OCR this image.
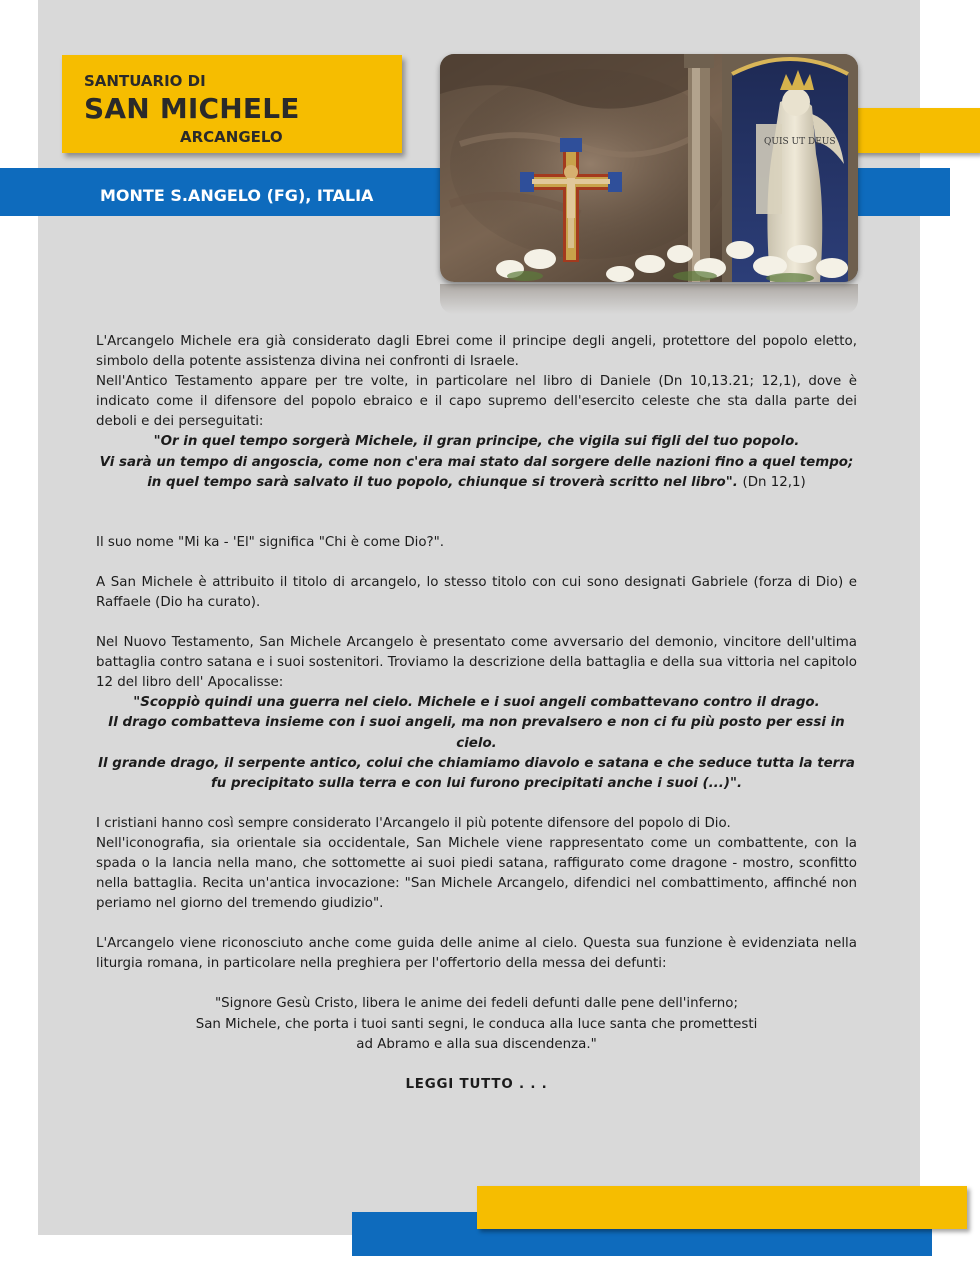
SANTUARIO DI
SAN MICHELE
ARCANGELO
MONTE S.ANGELO (FG), ITALIA
QUIS UT DEUS

L'Arcangelo Michele era già considerato dagli Ebrei come il principe degli angeli, protettore del popolo eletto, simbolo della potente assistenza divina nei confronti di Israele.

Nell'Antico Testamento appare per tre volte, in particolare nel libro di Daniele (Dn 10,13.21; 12,1), dove è indicato come il difensore del popolo ebraico e il capo supremo dell'esercito celeste che sta dalla parte dei deboli e dei perseguitati:

"Or in quel tempo sorgerà Michele, il gran principe, che vigila sui figli del tuo popolo.
Vi sarà un tempo di angoscia, come non c'era mai stato dal sorgere delle nazioni fino a quel tempo;
in quel tempo sarà salvato il tuo popolo, chiunque si troverà scritto nel libro". (Dn 12,1)

Il suo nome "Mi ka - 'El" significa "Chi è come Dio?".

A San Michele è attribuito il titolo di arcangelo, lo stesso titolo con cui sono designati Gabriele (forza di Dio) e Raffaele (Dio ha curato).

Nel Nuovo Testamento, San Michele Arcangelo è presentato come avversario del demonio, vincitore dell'ultima battaglia contro satana e i suoi sostenitori. Troviamo la descrizione della battaglia e della sua vittoria nel capitolo 12 del libro dell' Apocalisse:

"Scoppiò quindi una guerra nel cielo. Michele e i suoi angeli combattevano contro il drago.
Il drago combatteva insieme con i suoi angeli, ma non prevalsero e non ci fu più posto per essi in cielo.
Il grande drago, il serpente antico, colui che chiamiamo diavolo e satana e che seduce tutta la terra
fu precipitato sulla terra e con lui furono precipitati anche i suoi (...)".

I cristiani hanno così sempre considerato l'Arcangelo il più potente difensore del popolo di Dio.

Nell'iconografia, sia orientale sia occidentale, San Michele viene rappresentato come un combattente, con la spada o la lancia nella mano, che sottomette ai suoi piedi satana, raffigurato come dragone - mostro, sconfitto nella battaglia. Recita un'antica invocazione: "San Michele Arcangelo, difendici nel combattimento, affinché non periamo nel giorno del tremendo giudizio".

L'Arcangelo viene riconosciuto anche come guida delle anime al cielo. Questa sua funzione è evidenziata nella liturgia romana, in particolare nella preghiera per l'offertorio della messa dei defunti:

"Signore Gesù Cristo, libera le anime dei fedeli defunti dalle pene dell'inferno;
San Michele, che porta i tuoi santi segni, le conduca alla luce santa che promettesti
ad Abramo e alla sua discendenza."
LEGGI TUTTO . . .
